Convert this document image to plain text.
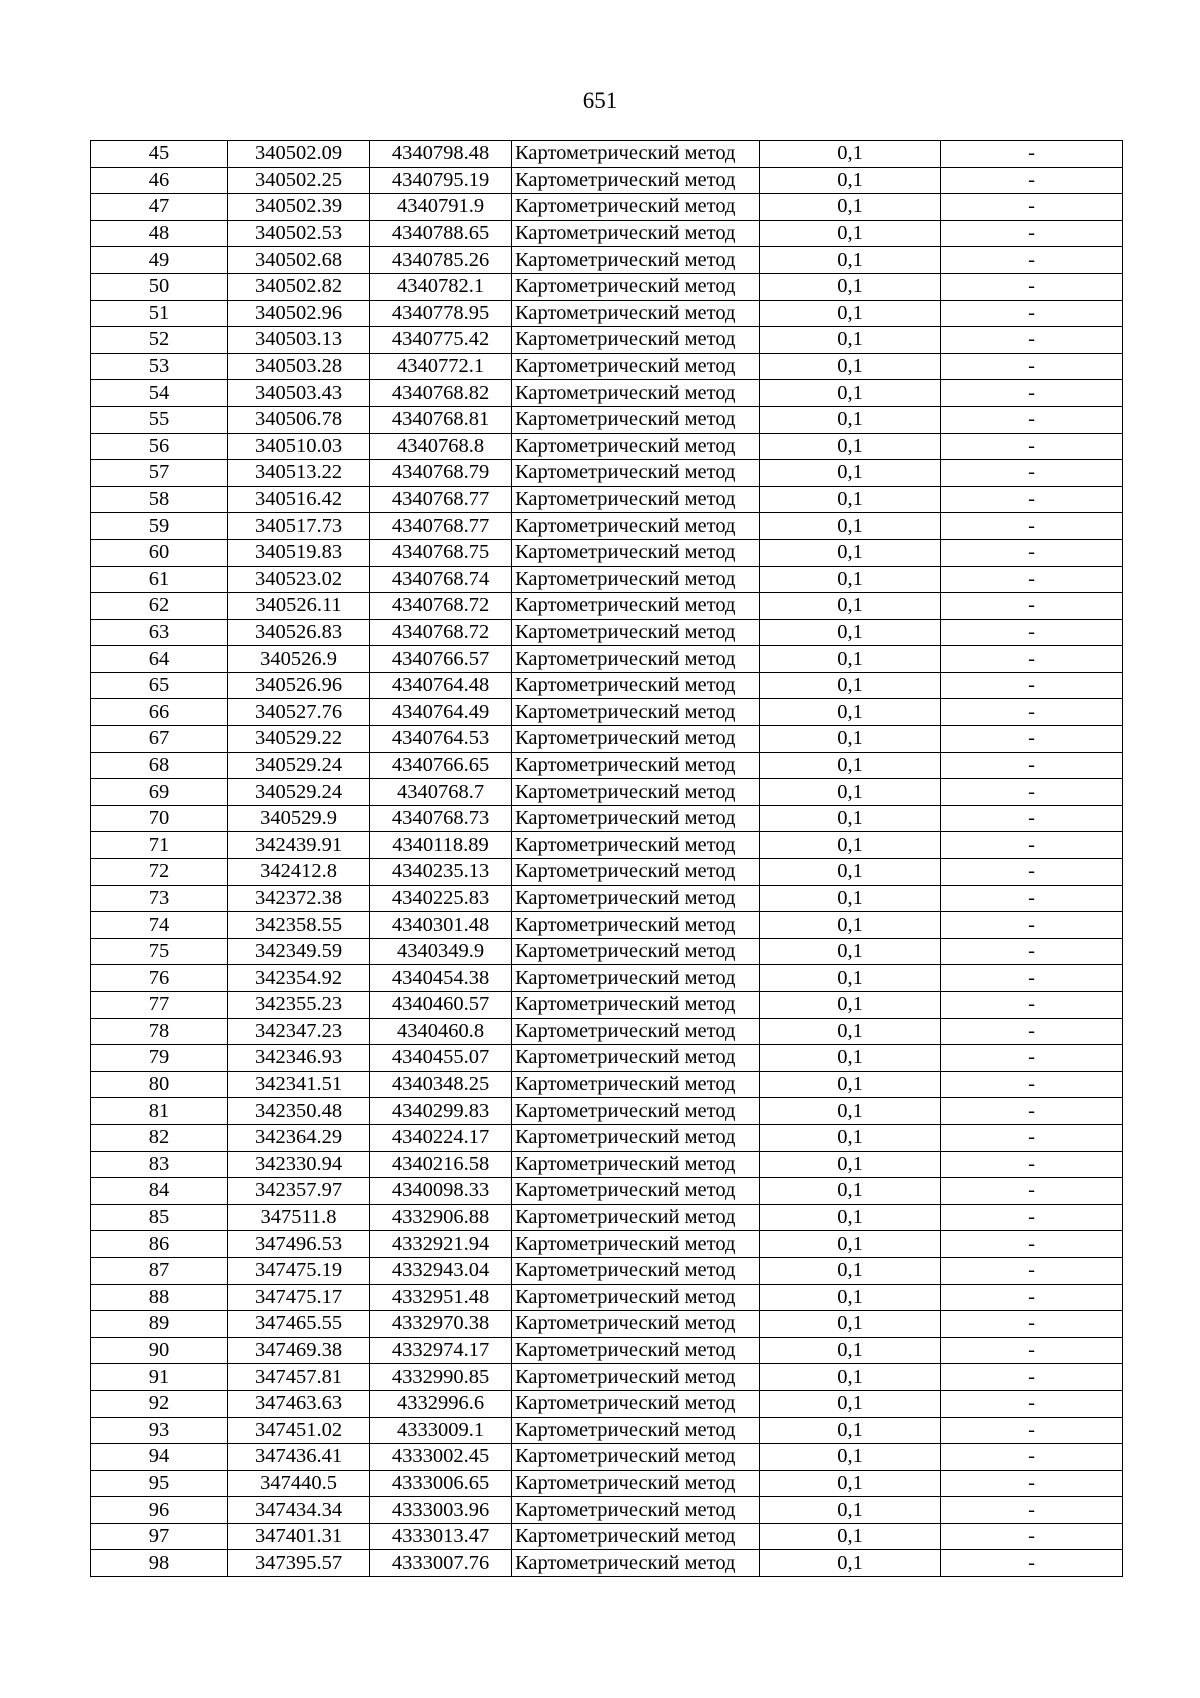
651
45	340502.09	4340798.48	Картометрический метод	0,1	-
46	340502.25	4340795.19	Картометрический метод	0,1	-
47	340502.39	4340791.9	Картометрический метод	0,1	-
48	340502.53	4340788.65	Картометрический метод	0,1	-
49	340502.68	4340785.26	Картометрический метод	0,1	-
50	340502.82	4340782.1	Картометрический метод	0,1	-
51	340502.96	4340778.95	Картометрический метод	0,1	-
52	340503.13	4340775.42	Картометрический метод	0,1	-
53	340503.28	4340772.1	Картометрический метод	0,1	-
54	340503.43	4340768.82	Картометрический метод	0,1	-
55	340506.78	4340768.81	Картометрический метод	0,1	-
56	340510.03	4340768.8	Картометрический метод	0,1	-
57	340513.22	4340768.79	Картометрический метод	0,1	-
58	340516.42	4340768.77	Картометрический метод	0,1	-
59	340517.73	4340768.77	Картометрический метод	0,1	-
60	340519.83	4340768.75	Картометрический метод	0,1	-
61	340523.02	4340768.74	Картометрический метод	0,1	-
62	340526.11	4340768.72	Картометрический метод	0,1	-
63	340526.83	4340768.72	Картометрический метод	0,1	-
64	340526.9	4340766.57	Картометрический метод	0,1	-
65	340526.96	4340764.48	Картометрический метод	0,1	-
66	340527.76	4340764.49	Картометрический метод	0,1	-
67	340529.22	4340764.53	Картометрический метод	0,1	-
68	340529.24	4340766.65	Картометрический метод	0,1	-
69	340529.24	4340768.7	Картометрический метод	0,1	-
70	340529.9	4340768.73	Картометрический метод	0,1	-
71	342439.91	4340118.89	Картометрический метод	0,1	-
72	342412.8	4340235.13	Картометрический метод	0,1	-
73	342372.38	4340225.83	Картометрический метод	0,1	-
74	342358.55	4340301.48	Картометрический метод	0,1	-
75	342349.59	4340349.9	Картометрический метод	0,1	-
76	342354.92	4340454.38	Картометрический метод	0,1	-
77	342355.23	4340460.57	Картометрический метод	0,1	-
78	342347.23	4340460.8	Картометрический метод	0,1	-
79	342346.93	4340455.07	Картометрический метод	0,1	-
80	342341.51	4340348.25	Картометрический метод	0,1	-
81	342350.48	4340299.83	Картометрический метод	0,1	-
82	342364.29	4340224.17	Картометрический метод	0,1	-
83	342330.94	4340216.58	Картометрический метод	0,1	-
84	342357.97	4340098.33	Картометрический метод	0,1	-
85	347511.8	4332906.88	Картометрический метод	0,1	-
86	347496.53	4332921.94	Картометрический метод	0,1	-
87	347475.19	4332943.04	Картометрический метод	0,1	-
88	347475.17	4332951.48	Картометрический метод	0,1	-
89	347465.55	4332970.38	Картометрический метод	0,1	-
90	347469.38	4332974.17	Картометрический метод	0,1	-
91	347457.81	4332990.85	Картометрический метод	0,1	-
92	347463.63	4332996.6	Картометрический метод	0,1	-
93	347451.02	4333009.1	Картометрический метод	0,1	-
94	347436.41	4333002.45	Картометрический метод	0,1	-
95	347440.5	4333006.65	Картометрический метод	0,1	-
96	347434.34	4333003.96	Картометрический метод	0,1	-
97	347401.31	4333013.47	Картометрический метод	0,1	-
98	347395.57	4333007.76	Картометрический метод	0,1	-
